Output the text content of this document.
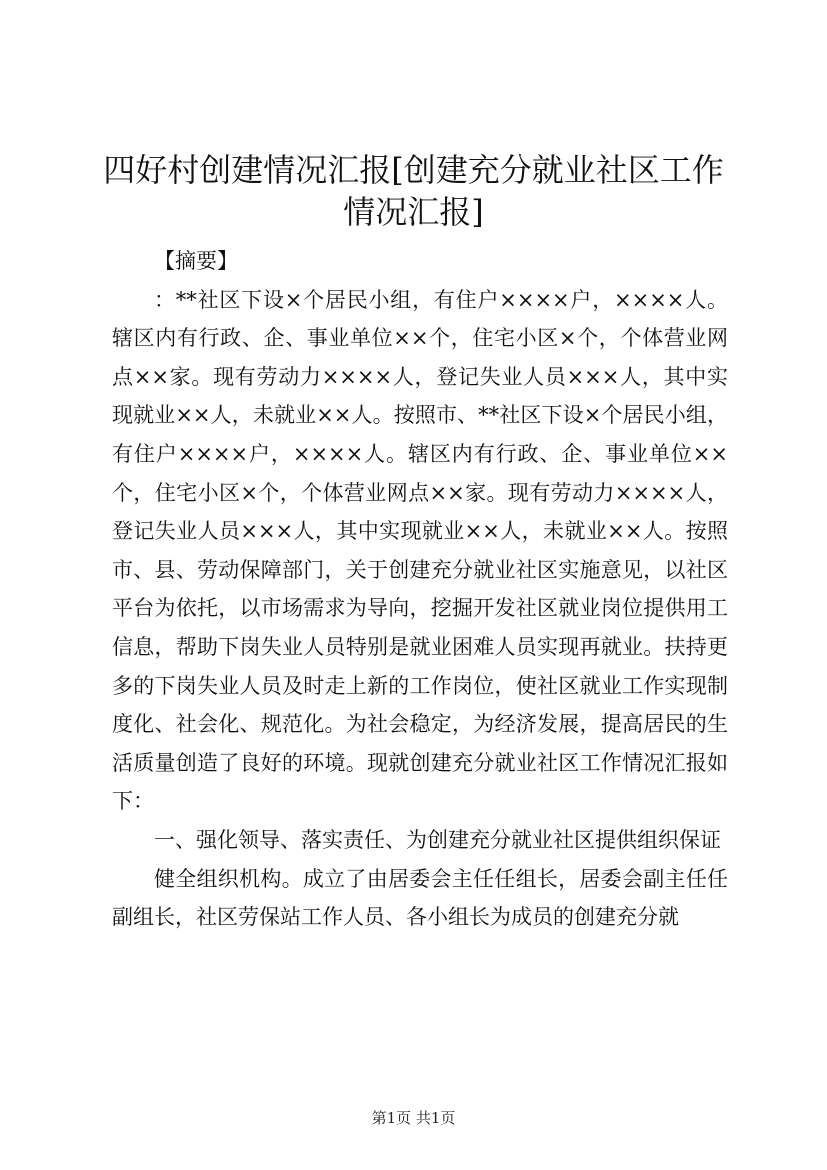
四好村创建情况汇报[创建充分就业社区工作
情况汇报]

【摘要】

：**社区下设×个居民小组，有住户××××户，××××人。辖区内有行政、企、事业单位××个，住宅小区×个，个体营业网点××家。现有劳动力××××人，登记失业人员×××人，其中实现就业××人，未就业××人。按照市、**社区下设×个居民小组，有住户××××户，××××人。辖区内有行政、企、事业单位××个，住宅小区×个，个体营业网点××家。现有劳动力××××人，登记失业人员×××人，其中实现就业××人，未就业××人。按照市、县、劳动保障部门，关于创建充分就业社区实施意见，以社区平台为依托，以市场需求为导向，挖掘开发社区就业岗位提供用工信息，帮助下岗失业人员特别是就业困难人员实现再就业。扶持更多的下岗失业人员及时走上新的工作岗位，使社区就业工作实现制度化、社会化、规范化。为社会稳定，为经济发展，提高居民的生活质量创造了良好的环境。现就创建充分就业社区工作情况汇报如下：

一、强化领导、落实责任、为创建充分就业社区提供组织保证

健全组织机构。成立了由居委会主任任组长，居委会副主任任副组长，社区劳保站工作人员、各小组长为成员的创建充分就

第1页 共1页
